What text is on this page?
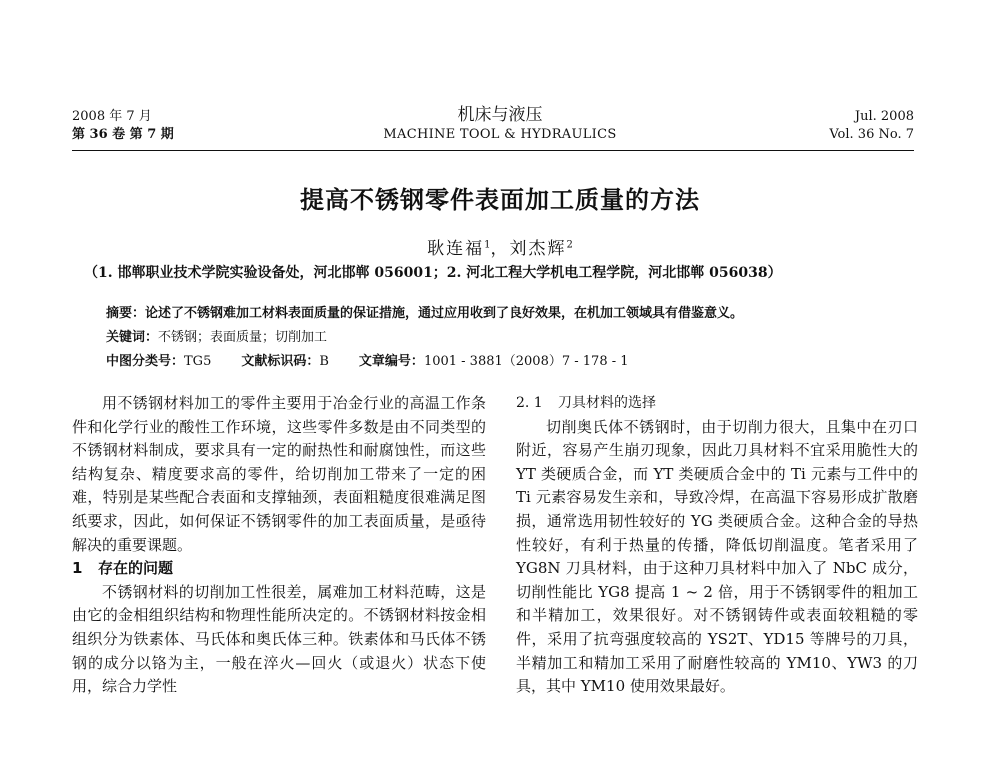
2008 年 7 月
第 36 卷 第 7 期
机床与液压
MACHINE TOOL & HYDRAULICS
Jul. 2008
Vol. 36 No. 7
提高不锈钢零件表面加工质量的方法
耿连福$^1$，刘杰辉$^2$
（1. 邯郸职业技术学院实验设备处，河北邯郸 056001；2. 河北工程大学机电工程学院，河北邯郸 056038）
摘要：论述了不锈钢难加工材料表面质量的保证措施，通过应用收到了良好效果，在机加工领域具有借鉴意义。
关键词：不锈钢；表面质量；切削加工
中图分类号：TG5 文献标识码：B 文章编号：1001 - 3881（2008）7 - 178 - 1

用不锈钢材料加工的零件主要用于冶金行业的高温工作条件和化学行业的酸性工作环境，这些零件多数是由不同类型的不锈钢材料制成，要求具有一定的耐热性和耐腐蚀性，而这些结构复杂、精度要求高的零件，给切削加工带来了一定的困难，特别是某些配合表面和支撑轴颈，表面粗糙度很难满足图纸要求，因此，如何保证不锈钢零件的加工表面质量，是亟待解决的重要课题。

1 存在的问题

不锈钢材料的切削加工性很差，属难加工材料范畴，这是由它的金相组织结构和物理性能所决定的。不锈钢材料按金相组织分为铁素体、马氏体和奥氏体三种。铁素体和马氏体不锈钢的成分以铬为主，一般在淬火—回火（或退火）状态下使用，综合力学性

2. 1 刀具材料的选择

切削奥氏体不锈钢时，由于切削力很大，且集中在刃口附近，容易产生崩刃现象，因此刀具材料不宜采用脆性大的 YT 类硬质合金，而 YT 类硬质合金中的 Ti 元素与工件中的 Ti 元素容易发生亲和，导致冷焊，在高温下容易形成扩散磨损，通常选用韧性较好的 YG 类硬质合金。这种合金的导热性较好，有利于热量的传播，降低切削温度。笔者采用了 YG8N 刀具材料，由于这种刀具材料中加入了 NbC 成分，切削性能比 YG8 提高 1 ~ 2 倍，用于不锈钢零件的粗加工和半精加工，效果很好。对不锈钢铸件或表面较粗糙的零件，采用了抗弯强度较高的 YS2T、YD15 等牌号的刀具，半精加工和精加工采用了耐磨性较高的 YM10、YW3 的刀具，其中 YM10 使用效果最好。
